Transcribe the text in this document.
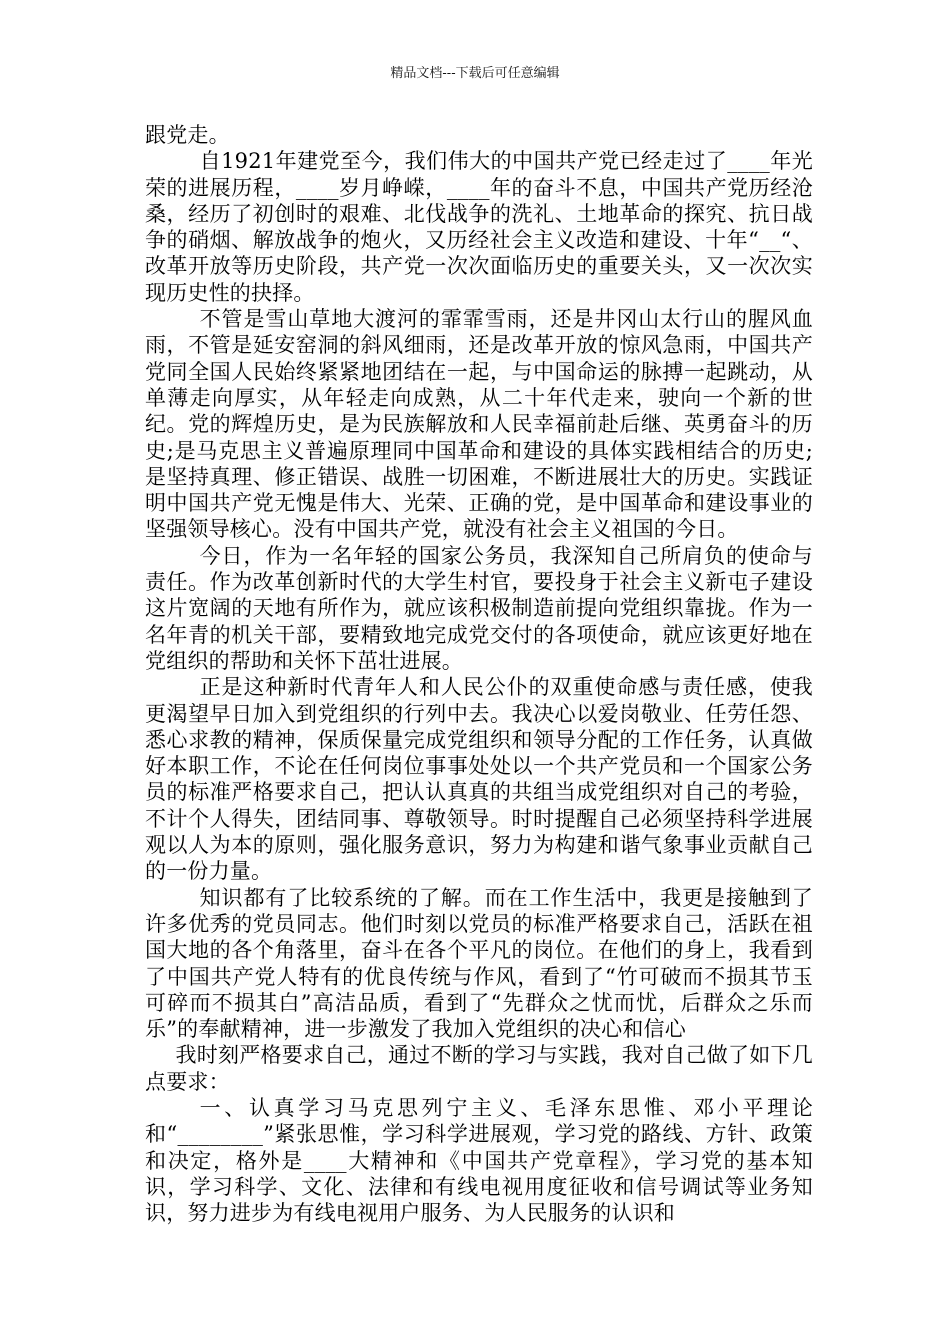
精品文档---下载后可任意编辑

跟党走。

自1921年建党至今，我们伟大的中国共产党已经走过了____年光荣的进展历程，____岁月峥嵘，____年的奋斗不息，中国共产党历经沧桑，经历了初创时的艰难、北伐战争的洗礼、土地革命的探究、抗日战争的硝烟、解放战争的炮火，又历经社会主义改造和建设、十年“__“、改革开放等历史阶段，共产党一次次面临历史的重要关头，又一次次实现历史性的抉择。

不管是雪山草地大渡河的霏霏雪雨，还是井冈山太行山的腥风血雨，不管是延安窑洞的斜风细雨，还是改革开放的惊风急雨，中国共产党同全国人民始终紧紧地团结在一起，与中国命运的脉搏一起跳动，从单薄走向厚实，从年轻走向成熟，从二十年代走来，驶向一个新的世纪。党的辉煌历史，是为民族解放和人民幸福前赴后继、英勇奋斗的历史;是马克思主义普遍原理同中国革命和建设的具体实践相结合的历史;是坚持真理、修正错误、战胜一切困难，不断进展壮大的历史。实践证明中国共产党无愧是伟大、光荣、正确的党，是中国革命和建设事业的坚强领导核心。没有中国共产党，就没有社会主义祖国的今日。

今日，作为一名年轻的国家公务员，我深知自己所肩负的使命与责任。作为改革创新时代的大学生村官，要投身于社会主义新屯子建设这片宽阔的天地有所作为，就应该积极制造前提向党组织靠拢。作为一名年青的机关干部，要精致地完成党交付的各项使命，就应该更好地在党组织的帮助和关怀下茁壮进展。

正是这种新时代青年人和人民公仆的双重使命感与责任感，使我更渴望早日加入到党组织的行列中去。我决心以爱岗敬业、任劳任怨、悉心求教的精神，保质保量完成党组织和领导分配的工作任务，认真做好本职工作，不论在任何岗位事事处处以一个共产党员和一个国家公务员的标准严格要求自己，把认认真真的共组当成党组织对自己的考验，不计个人得失，团结同事、尊敬领导。时时提醒自己必须坚持科学进展观以人为本的原则，强化服务意识，努力为构建和谐气象事业贡献自己的一份力量。

知识都有了比较系统的了解。而在工作生活中，我更是接触到了许多优秀的党员同志。他们时刻以党员的标准严格要求自己，活跃在祖国大地的各个角落里，奋斗在各个平凡的岗位。在他们的身上，我看到了中国共产党人特有的优良传统与作风，看到了“竹可破而不损其节玉可碎而不损其白”高洁品质，看到了“先群众之忧而忧，后群众之乐而乐”的奉献精神，进一步激发了我加入党组织的决心和信心

我时刻严格要求自己，通过不断的学习与实践，我对自己做了如下几点要求：

一、认真学习马克思列宁主义、毛泽东思惟、邓小平理论和“________”紧张思惟，学习科学进展观，学习党的路线、方针、政策和决定，格外是____大精神和《中国共产党章程》，学习党的基本知识，学习科学、文化、法律和有线电视用度征收和信号调试等业务知识，努力进步为有线电视用户服务、为人民服务的认识和
